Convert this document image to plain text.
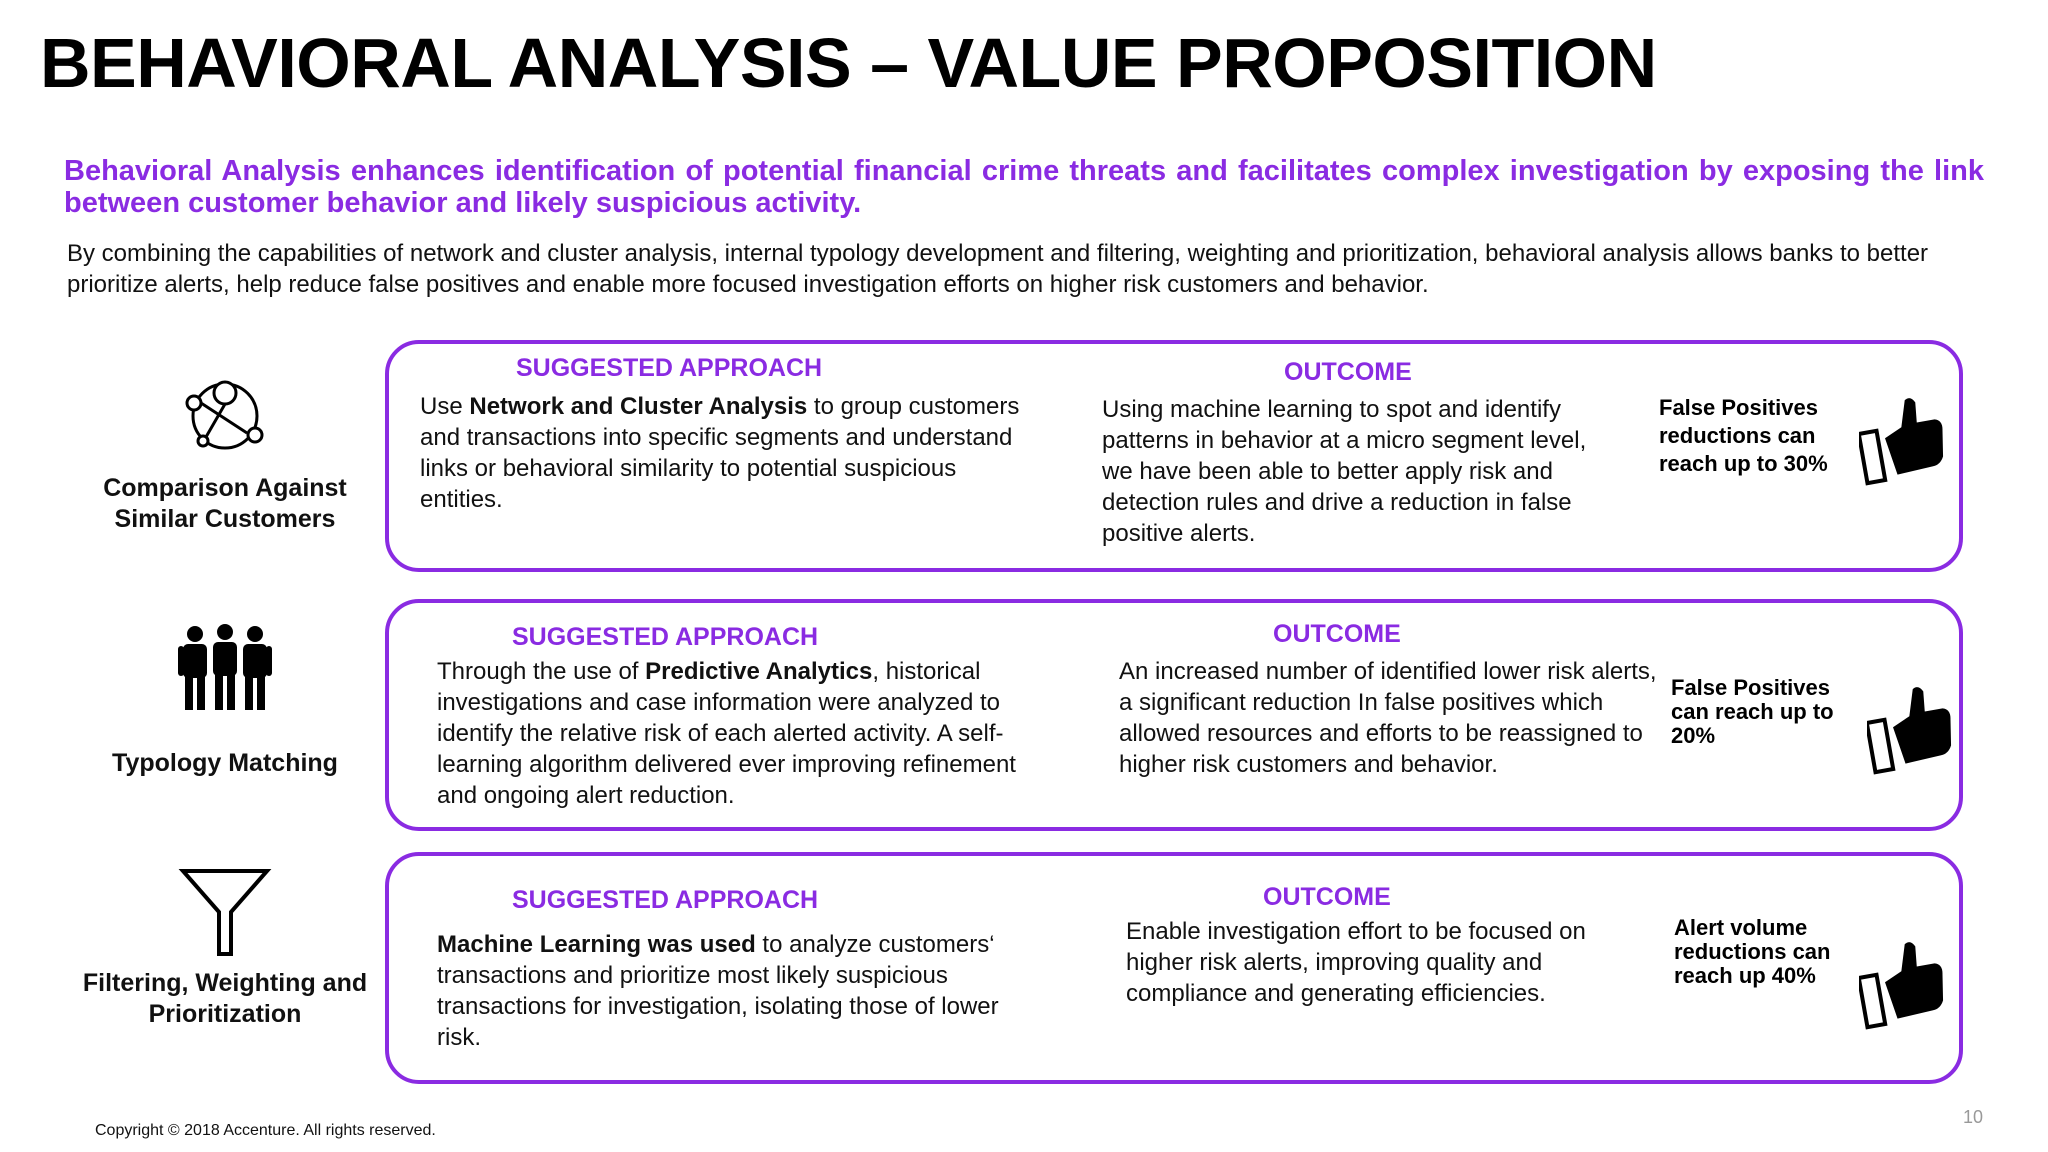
BEHAVIORAL ANALYSIS – VALUE PROPOSITION
Behavioral Analysis enhances identification of potential financial crime threats and facilitates complex investigation by exposing the link between customer behavior and likely suspicious activity.
By combining the capabilities of network and cluster analysis, internal typology development and filtering, weighting and prioritization, behavioral analysis allows banks to better prioritize alerts, help reduce false positives and enable more focused investigation efforts on higher risk customers and behavior.
Comparison Against Similar Customers
SUGGESTED APPROACH
Use Network and Cluster Analysis to group customers and transactions into specific segments and understand links or behavioral similarity to potential suspicious entities.
OUTCOME
Using machine learning to spot and identify patterns in behavior at a micro segment level, we have been able to better apply risk and detection rules and drive a reduction in false positive alerts.
False Positives reductions can reach up to 30%
Typology Matching
SUGGESTED APPROACH
Through the use of Predictive Analytics, historical investigations and case information were analyzed to identify the relative risk of each alerted activity. A self-learning algorithm delivered ever improving refinement and ongoing alert reduction.
OUTCOME
An increased number of identified lower risk alerts, a significant reduction In false positives which allowed resources and efforts to be reassigned to higher risk customers and behavior.
False Positives can reach up to 20%
Filtering, Weighting and Prioritization
SUGGESTED APPROACH
Machine Learning was used to analyze customers‘ transactions and prioritize most likely suspicious transactions for investigation, isolating those of lower risk.
OUTCOME
Enable investigation effort to be focused on higher risk alerts, improving quality and compliance and generating efficiencies.
Alert volume reductions can reach up 40%
Copyright © 2018 Accenture. All rights reserved.
10
